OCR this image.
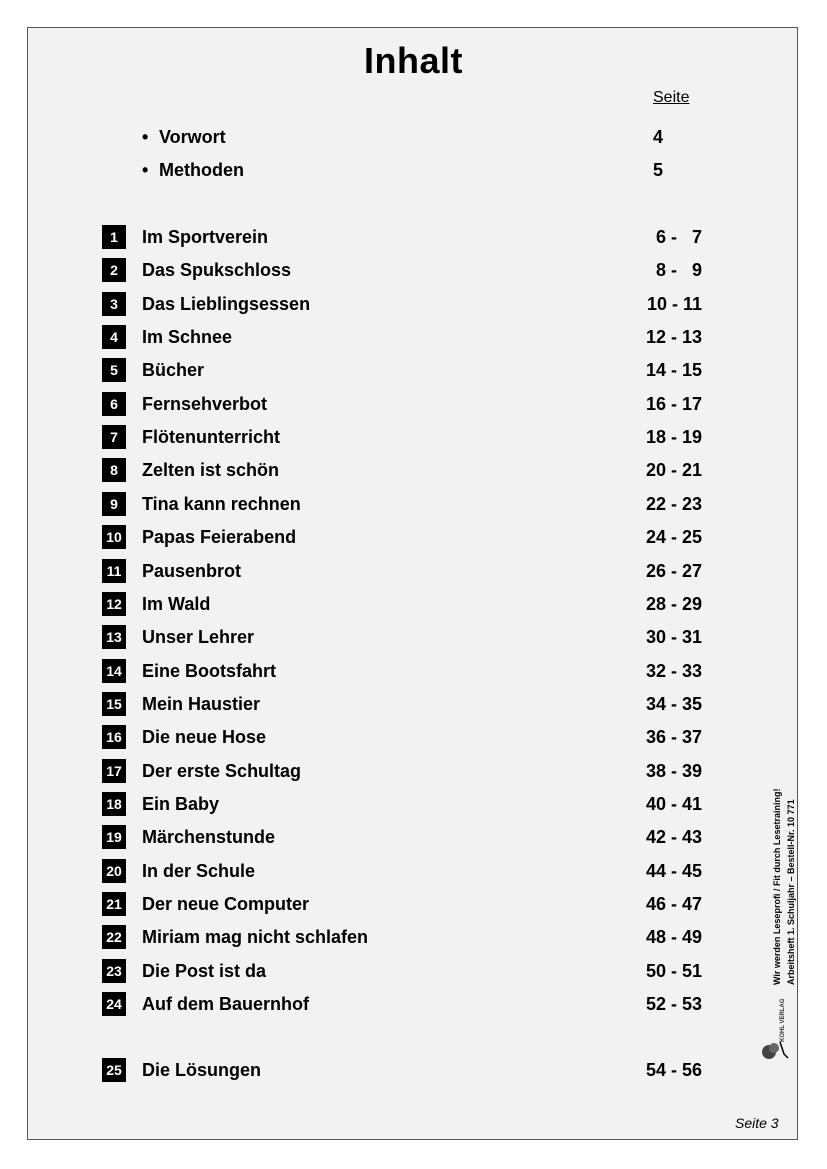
Inhalt
Seite
• Vorwort	4
• Methoden	5
1	Im Sportverein	6 -   7
2	Das Spukschloss	8 -   9
3	Das Lieblingsessen	10 - 11
4	Im Schnee	12 - 13
5	Bücher	14 - 15
6	Fernsehverbot	16 - 17
7	Flötenunterricht	18 - 19
8	Zelten ist schön	20 - 21
9	Tina kann rechnen	22 - 23
10 Papas Feierabend	24 - 25
11 Pausenbrot	26 - 27
12 Im Wald	28 - 29
13 Unser Lehrer	30 - 31
14 Eine Bootsfahrt	32 - 33
15 Mein Haustier	34 - 35
16 Die neue Hose	36 - 37
17 Der erste Schultag	38 - 39
18 Ein Baby	40 - 41
19 Märchenstunde	42 - 43
20 In der Schule	44 - 45
21 Der neue Computer	46 - 47
22 Miriam mag nicht schlafen	48 - 49
23 Die Post ist da	50 - 51
24 Auf dem Bauernhof	52 - 53
25 Die Lösungen	54 - 56
Wir werden Leseprofi / Fit durch Lesetraining! Arbeitsheft 1. Schuljahr – Bestell-Nr. 10 771
KOHL VERLAG
Seite 3
